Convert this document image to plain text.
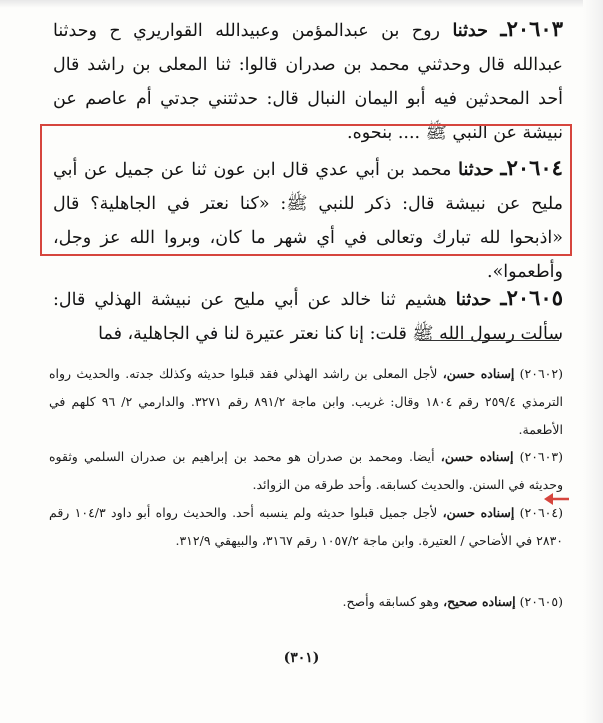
٢٠٦٠٣ـ حدثنا روح بن عبدالمؤمن وعبيدالله القواريري ح وحدثنا عبدالله قال وحدثني محمد بن صدران قالوا: ثنا المعلى بن راشد قال أحد المحدثين فيه أبو اليمان النبال قال: حدثتني جدتي أم عاصم عن نبيشة عن النبي ﷺ .... بنحوه.

٢٠٦٠٤ـ حدثنا محمد بن أبي عدي قال ابن عون ثنا عن جميل عن أبي مليح عن نبيشة قال: ذكر للنبي ﷺ: «كنا نعتر في الجاهلية؟ قال «اذبحوا لله تبارك وتعالى في أي شهر ما كان، وبروا الله عز وجل، وأطعموا».

٢٠٦٠٥ـ حدثنا هشيم ثنا خالد عن أبي مليح عن نبيشة الهذلي قال: سألت رسول الله ﷺ قلت: إنا كنا نعتر عتيرة لنا في الجاهلية، فما

(٢٠٦٠٢) إسناده حسن، لأجل المعلى بن راشد الهذلي فقد قبلوا حديثه وكذلك جدته. والحديث رواه الترمذي ٢٥٩/٤ رقم ١٨٠٤ وقال: غريب. وابن ماجة ٨٩١/٢ رقم ٣٢٧١. والدارمي ٢/ ٩٦ كلهم في الأطعمة.

(٢٠٦٠٣) إسناده حسن، أيضا. ومحمد بن صدران هو محمد بن إبراهيم بن صدران السلمي وثقوه وحديثه في السنن. والحديث كسابقه. وأحد طرقه من الزوائد.

(٢٠٦٠٤) إسناده حسن، لأجل جميل قبلوا حديثه ولم ينسبه أحد. والحديث رواه أبو داود ١٠٤/٣ رقم ٢٨٣٠ في الأضاحي / العتيرة. وابن ماجة ١٠٥٧/٢ رقم ٣١٦٧، والبيهقي ٣١٢/٩.

(٢٠٦٠٥) إسناده صحيح، وهو كسابقه وأصح.

(٣٠١)
